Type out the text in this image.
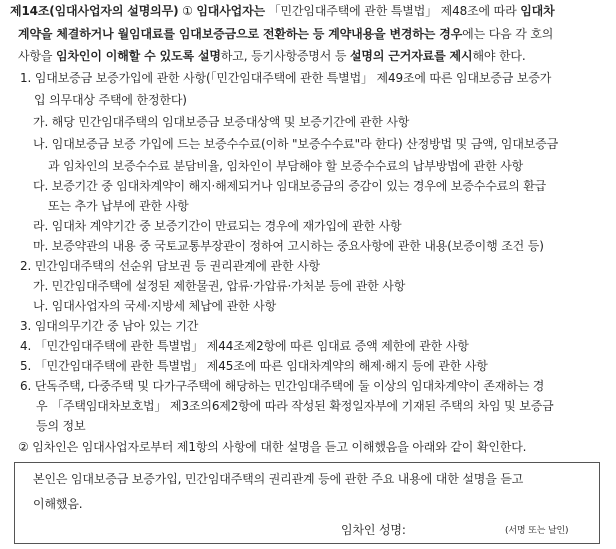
제14조(임대사업자의 설명의무) ① 임대사업자는 「민간임대주택에 관한 특별법」 제48조에 따라 임대차
계약을 체결하거나 월임대료를 임대보증금으로 전환하는 등 계약내용을 변경하는 경우에는 다음 각 호의
사항을 임차인이 이해할 수 있도록 설명하고, 등기사항증명서 등 설명의 근거자료를 제시해야 한다.
1. 임대보증금 보증가입에 관한 사항(「민간임대주택에 관한 특별법」 제49조에 따른 임대보증금 보증가
입 의무대상 주택에 한정한다)
가. 해당 민간임대주택의 임대보증금 보증대상액 및 보증기간에 관한 사항
나. 임대보증금 보증 가입에 드는 보증수수료(이하 "보증수수료"라 한다) 산정방법 및 금액, 임대보증금
과 임차인의 보증수수료 분담비율, 임차인이 부담해야 할 보증수수료의 납부방법에 관한 사항
다. 보증기간 중 임대차계약이 해지·해제되거나 임대보증금의 증감이 있는 경우에 보증수수료의 환급
또는 추가 납부에 관한 사항
라. 임대차 계약기간 중 보증기간이 만료되는 경우에 재가입에 관한 사항
마. 보증약관의 내용 중 국토교통부장관이 정하여 고시하는 중요사항에 관한 내용(보증이행 조건 등)
2. 민간임대주택의 선순위 담보권 등 권리관계에 관한 사항
가. 민간임대주택에 설정된 제한물권, 압류·가압류·가처분 등에 관한 사항
나. 임대사업자의 국세·지방세 체납에 관한 사항
3. 임대의무기간 중 남아 있는 기간
4. 「민간임대주택에 관한 특별법」 제44조제2항에 따른 임대료 증액 제한에 관한 사항
5. 「민간임대주택에 관한 특별법」 제45조에 따른 임대차계약의 해제·해지 등에 관한 사항
6. 단독주택, 다중주택 및 다가구주택에 해당하는 민간임대주택에 둘 이상의 임대차계약이 존재하는 경
우 「주택임대차보호법」 제3조의6제2항에 따라 작성된 확정일자부에 기재된 주택의 차임 및 보증금
등의 정보
② 임차인은 임대사업자로부터 제1항의 사항에 대한 설명을 듣고 이해했음을 아래와 같이 확인한다.
본인은 임대보증금 보증가입, 민간임대주택의 권리관계 등에 관한 주요 내용에 대한 설명을 듣고
이해했음.
임차인 성명:	(서명 또는 날인)
